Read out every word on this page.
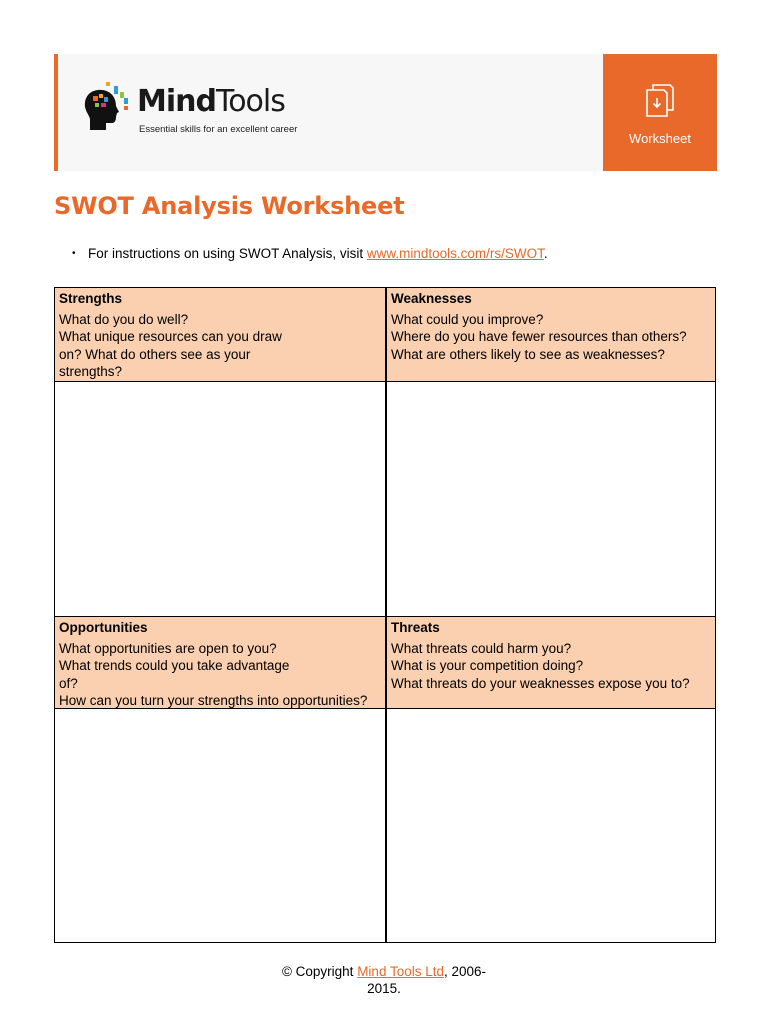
MindTools
Essential skills for an excellent career
Worksheet
SWOT Analysis Worksheet
• For instructions on using SWOT Analysis, visit www.mindtools.com/rs/SWOT.
Strengths
What do you do well?
What unique resources can you draw
on? What do others see as your
strengths?
Weaknesses
What could you improve?
Where do you have fewer resources than others?
What are others likely to see as weaknesses?
Opportunities
What opportunities are open to you?
What trends could you take advantage
of?
How can you turn your strengths into opportunities?
Threats
What threats could harm you?
What is your competition doing?
What threats do your weaknesses expose you to?
© Copyright Mind Tools Ltd, 2006-
2015.
